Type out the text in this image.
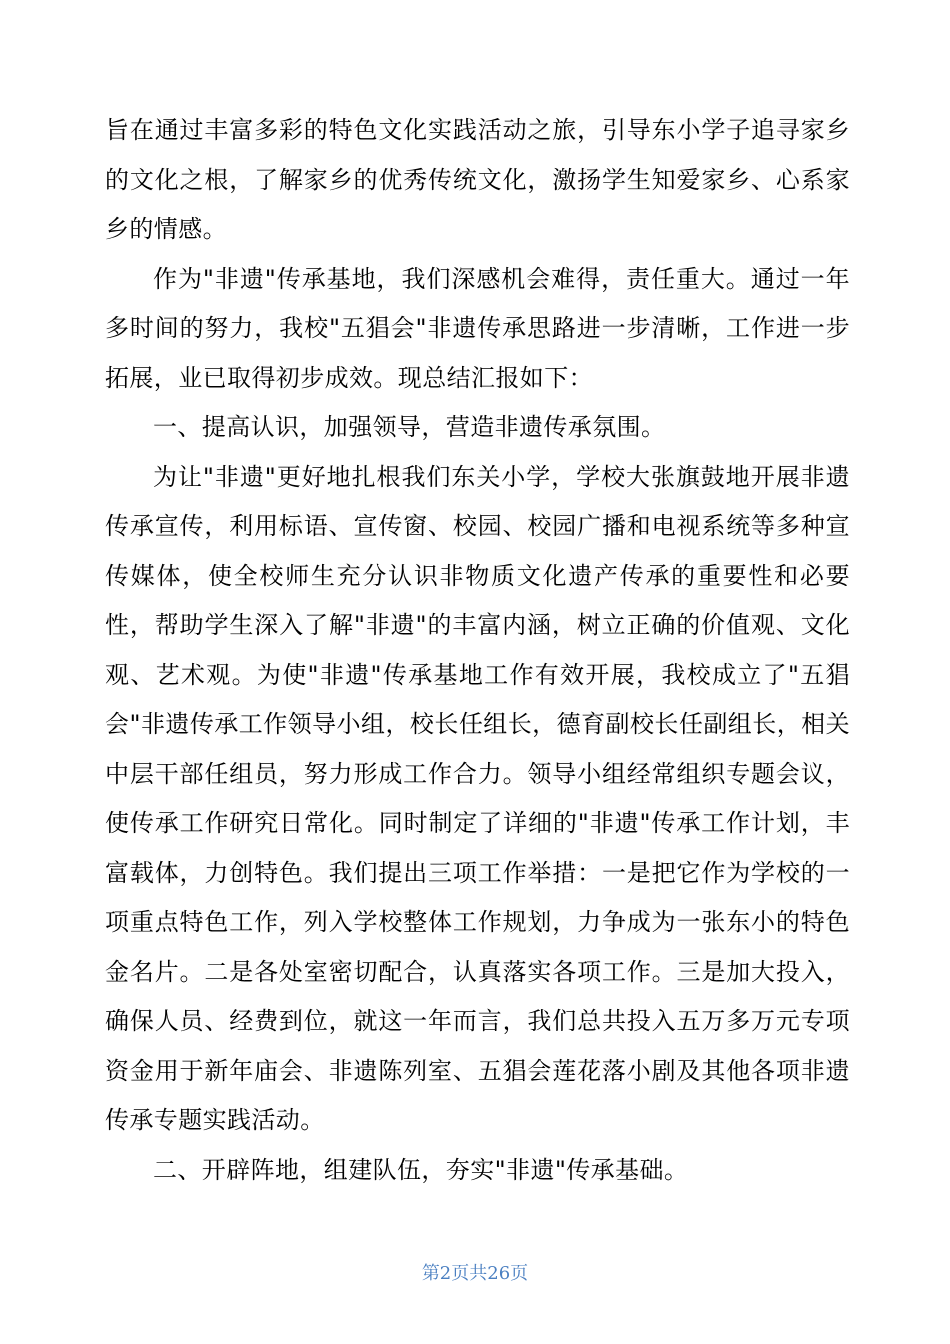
旨在通过丰富多彩的特色文化实践活动之旅，引导东小学子追寻家乡的文化之根，了解家乡的优秀传统文化，激扬学生知爱家乡、心系家乡的情感。

作为"非遗"传承基地，我们深感机会难得，责任重大。通过一年多时间的努力，我校"五猖会"非遗传承思路进一步清晰，工作进一步拓展，业已取得初步成效。现总结汇报如下：

一、提高认识，加强领导，营造非遗传承氛围。

为让"非遗"更好地扎根我们东关小学，学校大张旗鼓地开展非遗传承宣传，利用标语、宣传窗、校园、校园广播和电视系统等多种宣传媒体，使全校师生充分认识非物质文化遗产传承的重要性和必要性，帮助学生深入了解"非遗"的丰富内涵，树立正确的价值观、文化观、艺术观。为使"非遗"传承基地工作有效开展，我校成立了"五猖会"非遗传承工作领导小组，校长任组长，德育副校长任副组长，相关中层干部任组员，努力形成工作合力。领导小组经常组织专题会议，使传承工作研究日常化。同时制定了详细的"非遗"传承工作计划，丰富载体，力创特色。我们提出三项工作举措：一是把它作为学校的一项重点特色工作，列入学校整体工作规划，力争成为一张东小的特色金名片。二是各处室密切配合，认真落实各项工作。三是加大投入，确保人员、经费到位，就这一年而言，我们总共投入五万多万元专项资金用于新年庙会、非遗陈列室、五猖会莲花落小剧及其他各项非遗传承专题实践活动。

二、开辟阵地，组建队伍，夯实"非遗"传承基础。

第2页共26页
